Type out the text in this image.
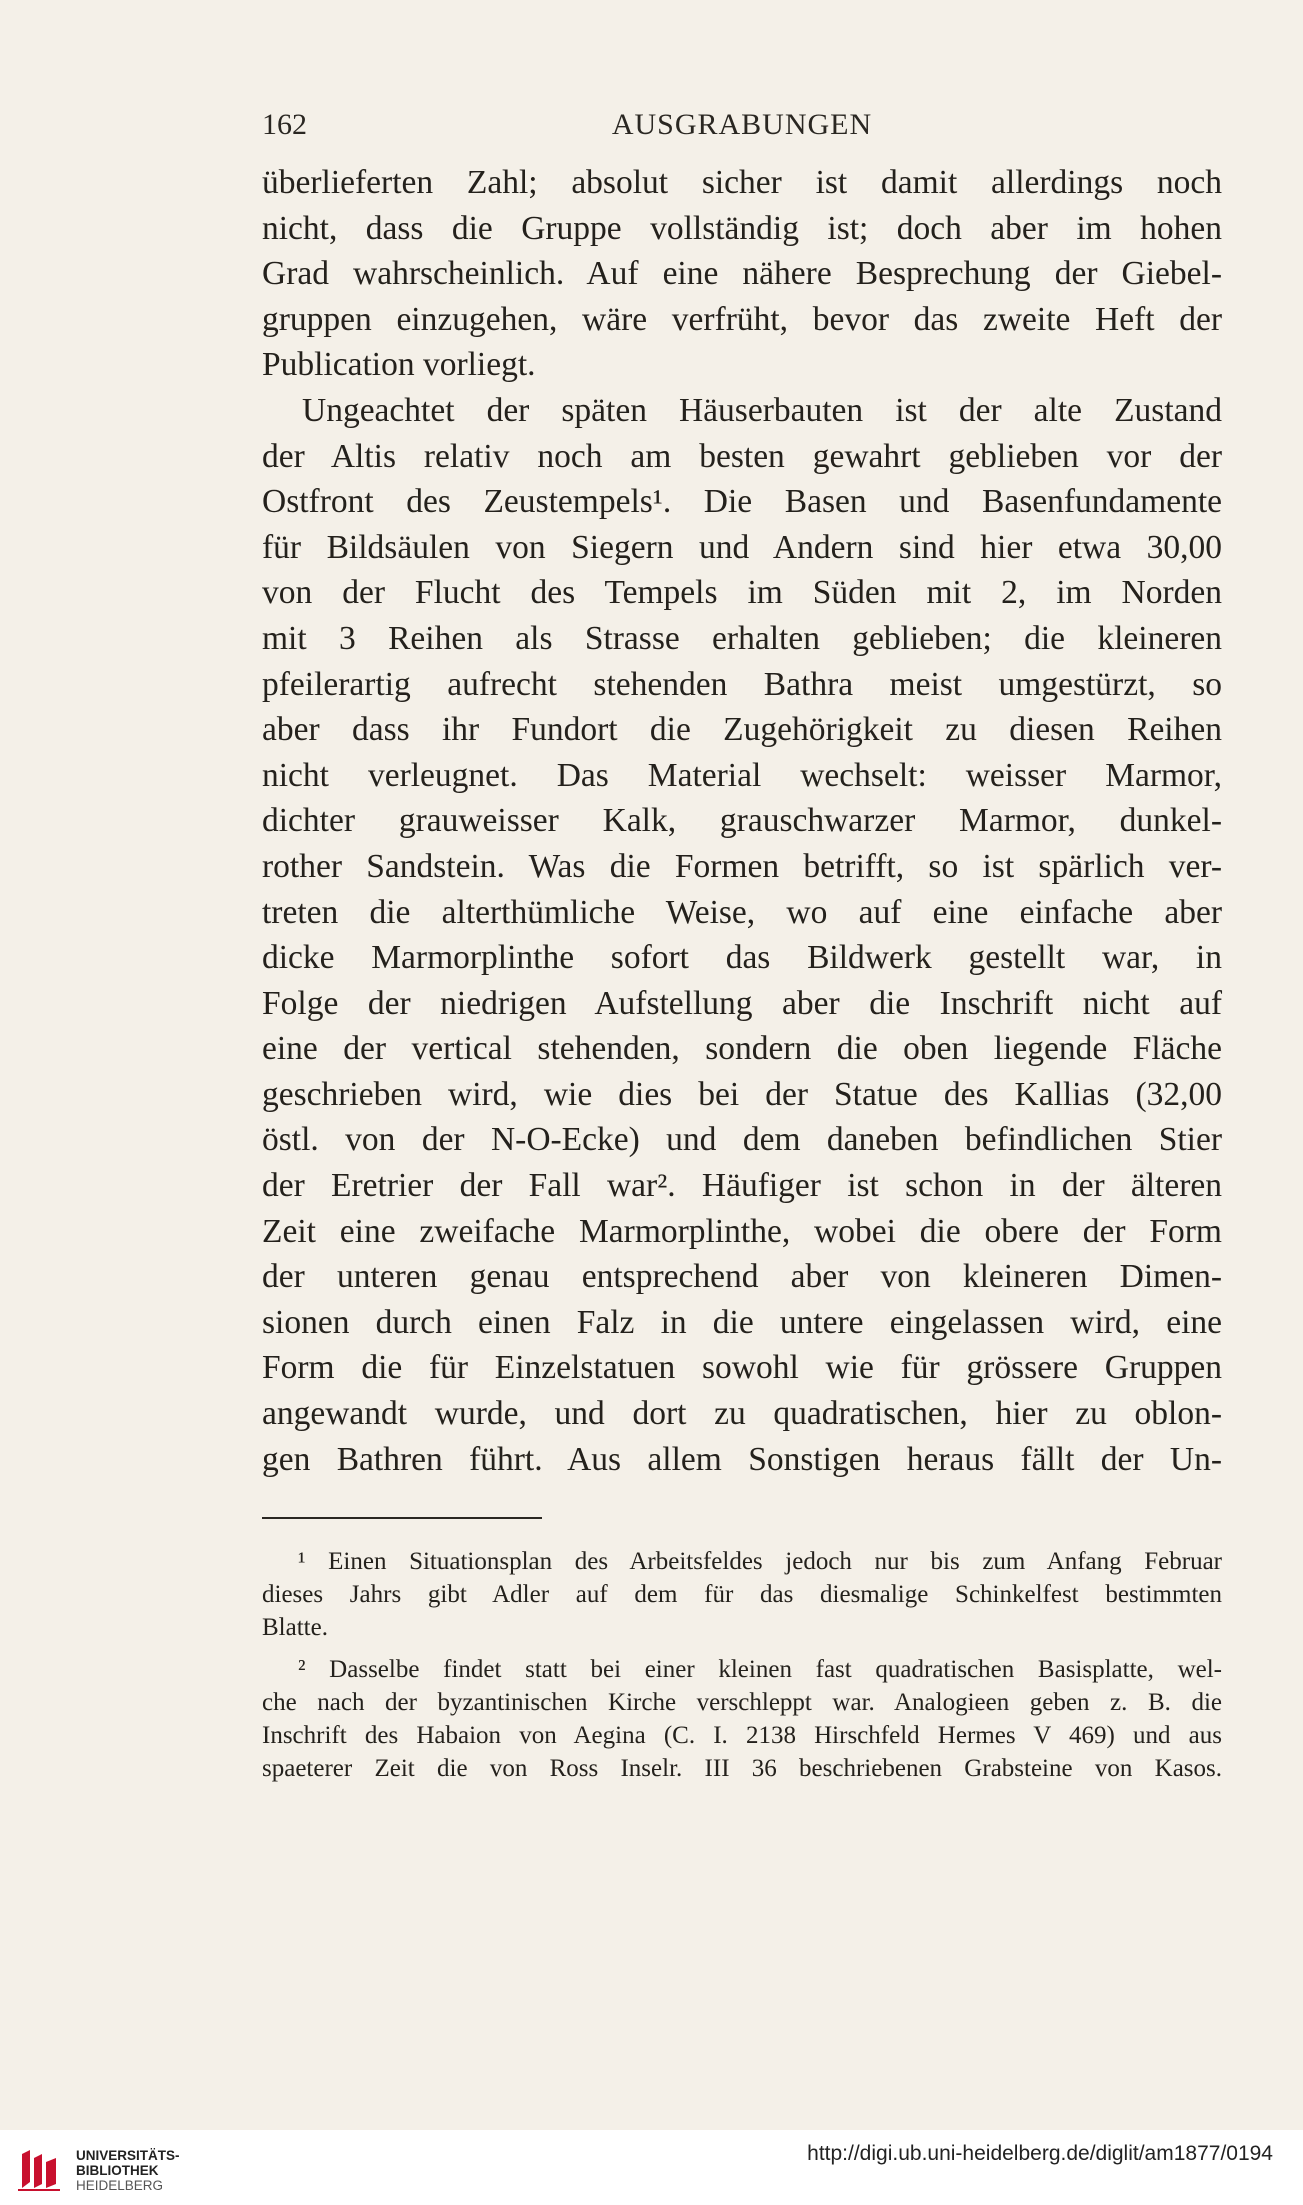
162	AUSGRABUNGEN
überlieferten Zahl; absolut sicher ist damit allerdings noch
nicht, dass die Gruppe vollständig ist; doch aber im hohen
Grad wahrscheinlich. Auf eine nähere Besprechung der Giebel-
gruppen einzugehen, wäre verfrüht, bevor das zweite Heft der
Publication vorliegt.
Ungeachtet der späten Häuserbauten ist der alte Zustand
der Altis relativ noch am besten gewahrt geblieben vor der
Ostfront des Zeustempels¹. Die Basen und Basenfundamente
für Bildsäulen von Siegern und Andern sind hier etwa 30,00
von der Flucht des Tempels im Süden mit 2, im Norden
mit 3 Reihen als Strasse erhalten geblieben; die kleineren
pfeilerartig aufrecht stehenden Bathra meist umgestürzt, so
aber dass ihr Fundort die Zugehörigkeit zu diesen Reihen
nicht verleugnet. Das Material wechselt: weisser Marmor,
dichter grauweisser Kalk, grauschwarzer Marmor, dunkel-
rother Sandstein. Was die Formen betrifft, so ist spärlich ver-
treten die alterthümliche Weise, wo auf eine einfache aber
dicke Marmorplinthe sofort das Bildwerk gestellt war, in
Folge der niedrigen Aufstellung aber die Inschrift nicht auf
eine der vertical stehenden, sondern die oben liegende Fläche
geschrieben wird, wie dies bei der Statue des Kallias (32,00
östl. von der N-O-Ecke) und dem daneben befindlichen Stier
der Eretrier der Fall war². Häufiger ist schon in der älteren
Zeit eine zweifache Marmorplinthe, wobei die obere der Form
der unteren genau entsprechend aber von kleineren Dimen-
sionen durch einen Falz in die untere eingelassen wird, eine
Form die für Einzelstatuen sowohl wie für grössere Gruppen
angewandt wurde, und dort zu quadratischen, hier zu oblon-
gen Bathren führt. Aus allem Sonstigen heraus fällt der Un-
¹ Einen Situationsplan des Arbeitsfeldes jedoch nur bis zum Anfang Februar
dieses Jahrs gibt Adler auf dem für das diesmalige Schinkelfest bestimmten
Blatte.
² Dasselbe findet statt bei einer kleinen fast quadratischen Basisplatte, wel-
che nach der byzantinischen Kirche verschleppt war. Analogieen geben z. B. die
Inschrift des Habaion von Aegina (C. I. 2138 Hirschfeld Hermes V 469) und aus
spaeterer Zeit die von Ross Inselr. III 36 beschriebenen Grabsteine von Kasos.
UNIVERSITÄTS-
BIBLIOTHEK
HEIDELBERG
http://digi.ub.uni-heidelberg.de/diglit/am1877/0194
